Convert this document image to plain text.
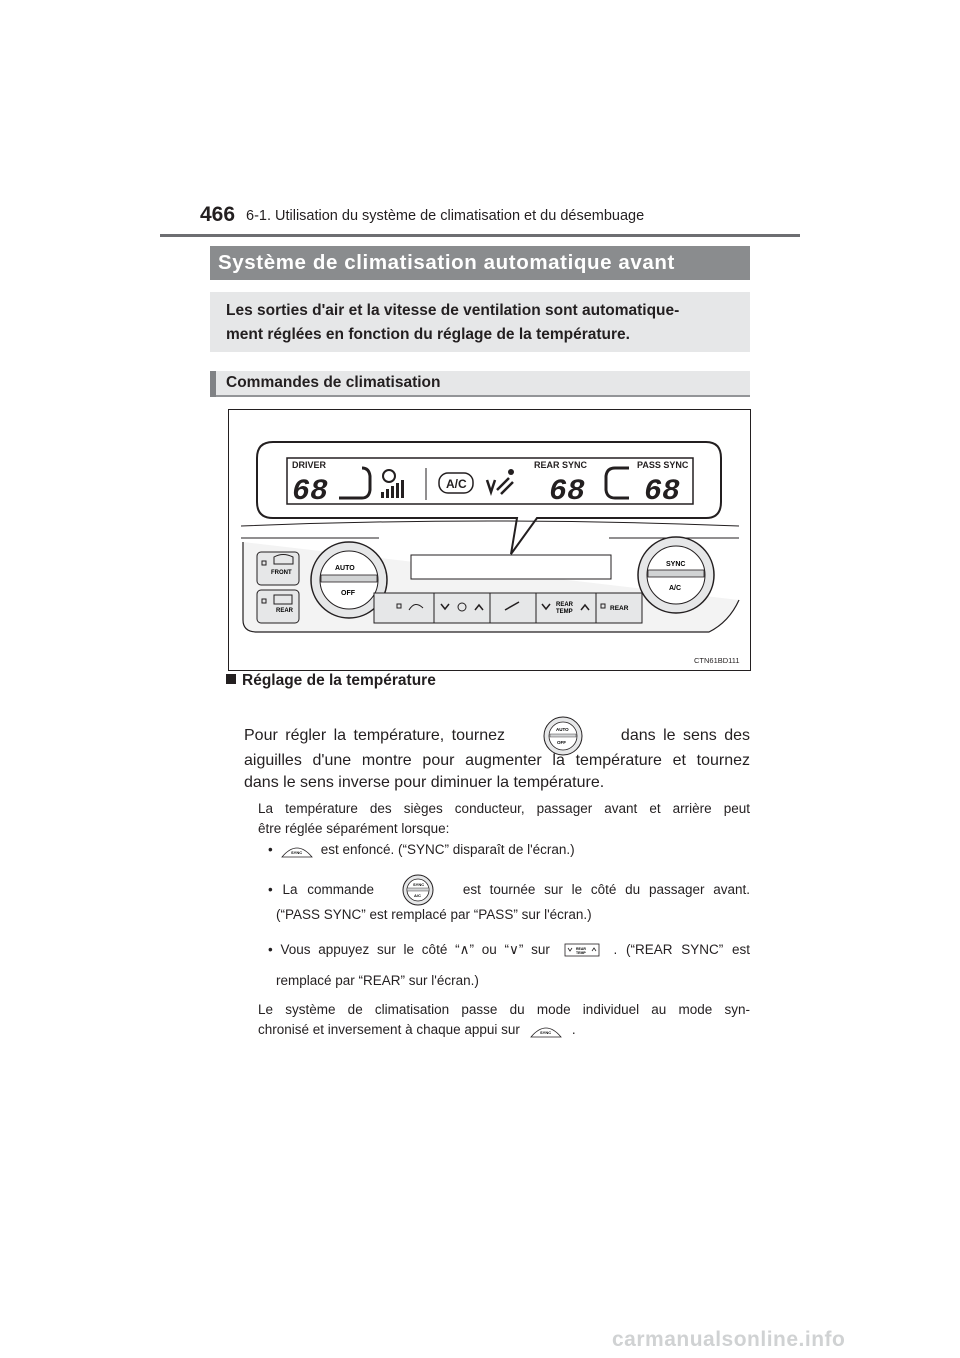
466 6-1. Utilisation du système de climatisation et du désembuage
Système de climatisation automatique avant

Les sorties d'air et la vitesse de ventilation sont automatique-
ment réglées en fonction du réglage de la température.

Commandes de climatisation
DRIVER	REAR SYNC	PASS SYNC
68	A/C	68 68
FRONT
REAR
AUTO
OFF
REAR
TEMP	REAR
SYNC
A/C
CTN61BD111
Réglage de la température
Pour régler la température, tournez	AUTO
OFF	dans le sens des
aiguilles d'une montre pour augmenter la température et tournez
dans le sens inverse pour diminuer la température.
La température des sièges conducteur, passager avant et arrière peut
être réglée séparément lorsque:
•	SYNC est enfoncé. (“SYNC” disparaît de l'écran.)
• La commande	SYNC
A/C	est tournée sur le côté du passager avant.
(“PASS SYNC” est remplacé par “PASS” sur l'écran.)
• Vous appuyez sur le côté “∧” ou “∨” sur	REAR
TEMP . (“REAR SYNC” est
remplacé par “REAR” sur l'écran.)
Le système de climatisation passe du mode individuel au mode syn-
chronisé et inversement à chaque appui sur	SYNC .
carmanualsonline.info
